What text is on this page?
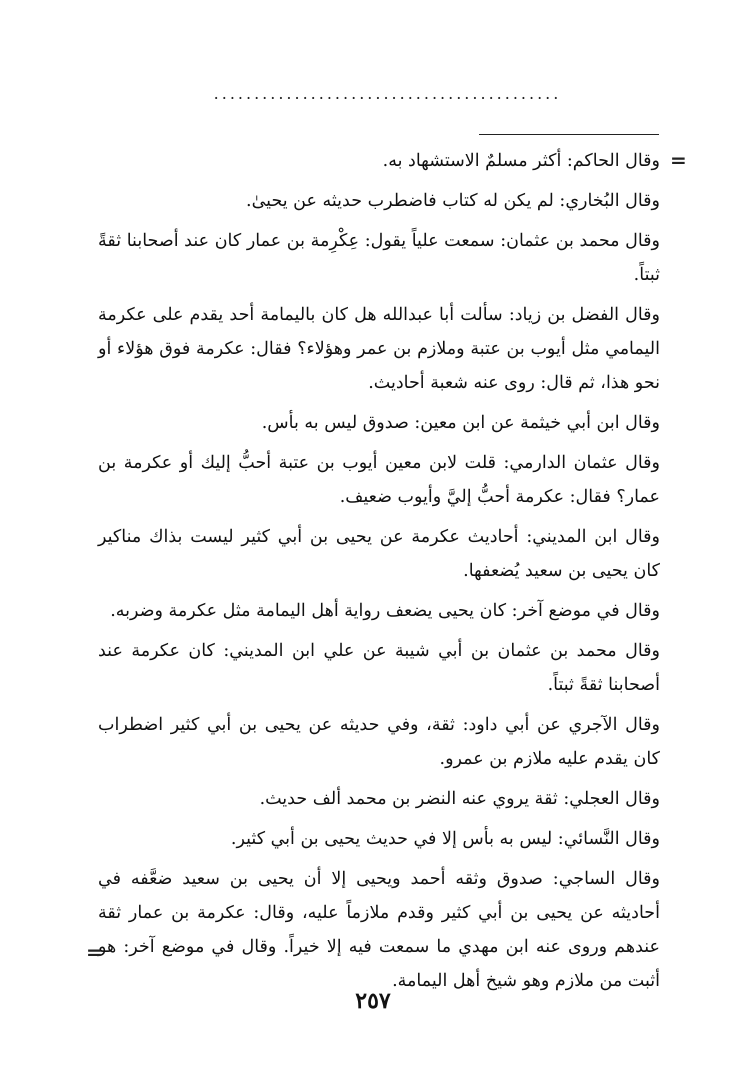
...........................................
=

وقال الحاكم: أكثر مسلمٌ الاستشهاد به.

وقال البُخاري: لم يكن له كتاب فاضطرب حديثه عن يحيىٰ.

وقال محمد بن عثمان: سمعت علياً يقول: عِكْرِمة بن عمار كان عند أصحابنا ثقةً ثبتاً.

وقال الفضل بن زياد: سألت أبا عبدالله هل كان باليمامة أحد يقدم على عكرمة اليمامي مثل أيوب بن عتبة وملازم بن عمر وهؤلاء؟ فقال: عكرمة فوق هؤلاء أو نحو هذا، ثم قال: روى عنه شعبة أحاديث.

وقال ابن أبي خيثمة عن ابن معين: صدوق ليس به بأس.

وقال عثمان الدارمي: قلت لابن معين أيوب بن عتبة أحبُّ إليك أو عكرمة بن عمار؟ فقال: عكرمة أحبُّ إليَّ وأيوب ضعيف.

وقال ابن المديني: أحاديث عكرمة عن يحيى بن أبي كثير ليست بذاك مناكير كان يحيى بن سعيد يُضعفها.

وقال في موضع آخر: كان يحيى يضعف رواية أهل اليمامة مثل عكرمة وضربه.

وقال محمد بن عثمان بن أبي شيبة عن علي ابن المديني: كان عكرمة عند أصحابنا ثقةً ثبتاً.

وقال الآجري عن أبي داود: ثقة، وفي حديثه عن يحيى بن أبي كثير اضطراب كان يقدم عليه ملازم بن عمرو.

وقال العجلي: ثقة يروي عنه النضر بن محمد ألف حديث.

وقال النَّسائي: ليس به بأس إلا في حديث يحيى بن أبي كثير.

وقال الساجي: صدوق وثقه أحمد ويحيى إلا أن يحيى بن سعيد ضعَّفه في أحاديثه عن يحيى بن أبي كثير وقدم ملازماً عليه، وقال: عكرمة بن عمار ثقة عندهم وروى عنه ابن مهدي ما سمعت فيه إلا خيراً. وقال في موضع آخر: هو أثبت من ملازم وهو شيخ أهل اليمامة.

=
٢٥٧
